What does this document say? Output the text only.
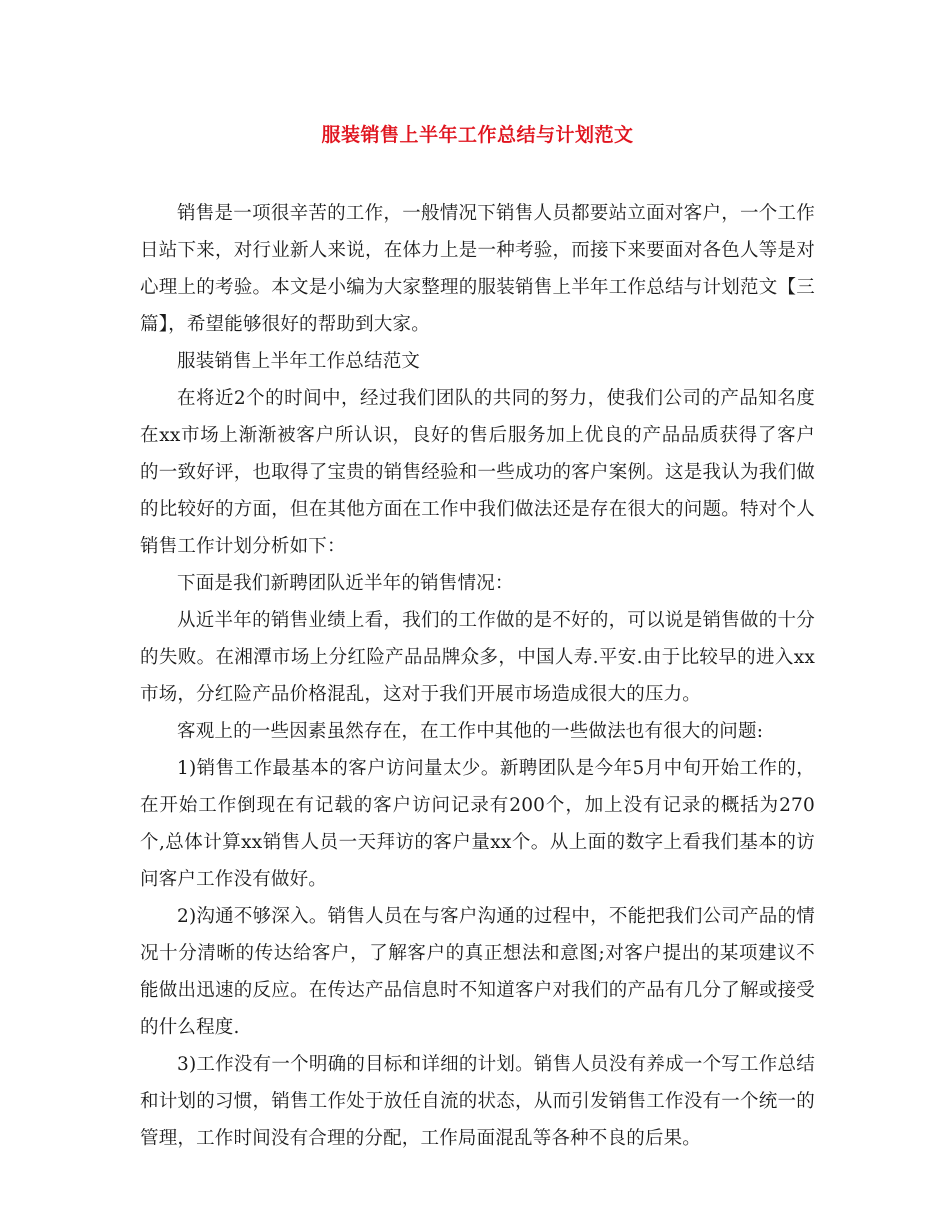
服装销售上半年工作总结与计划范文

销售是一项很辛苦的工作，一般情况下销售人员都要站立面对客户，一个工作日站下来，对行业新人来说，在体力上是一种考验，而接下来要面对各色人等是对心理上的考验。本文是小编为大家整理的服装销售上半年工作总结与计划范文【三篇】，希望能够很好的帮助到大家。

服装销售上半年工作总结范文

在将近2个的时间中，经过我们团队的共同的努力，使我们公司的产品知名度在xx市场上渐渐被客户所认识，良好的售后服务加上优良的产品品质获得了客户的一致好评，也取得了宝贵的销售经验和一些成功的客户案例。这是我认为我们做的比较好的方面，但在其他方面在工作中我们做法还是存在很大的问题。特对个人销售工作计划分析如下：

下面是我们新聘团队近半年的销售情况：

从近半年的销售业绩上看，我们的工作做的是不好的，可以说是销售做的十分的失败。在湘潭市场上分红险产品品牌众多，中国人寿.平安.由于比较早的进入xx市场，分红险产品价格混乱，这对于我们开展市场造成很大的压力。

客观上的一些因素虽然存在，在工作中其他的一些做法也有很大的问题:

1)销售工作最基本的客户访问量太少。新聘团队是今年5月中旬开始工作的，在开始工作倒现在有记载的客户访问记录有200个，加上没有记录的概括为270个,总体计算xx销售人员一天拜访的客户量xx个。从上面的数字上看我们基本的访问客户工作没有做好。

2)沟通不够深入。销售人员在与客户沟通的过程中，不能把我们公司产品的情况十分清晰的传达给客户，了解客户的真正想法和意图;对客户提出的某项建议不能做出迅速的反应。在传达产品信息时不知道客户对我们的产品有几分了解或接受的什么程度.

3)工作没有一个明确的目标和详细的计划。销售人员没有养成一个写工作总结和计划的习惯，销售工作处于放任自流的状态，从而引发销售工作没有一个统一的管理，工作时间没有合理的分配，工作局面混乱等各种不良的后果。
